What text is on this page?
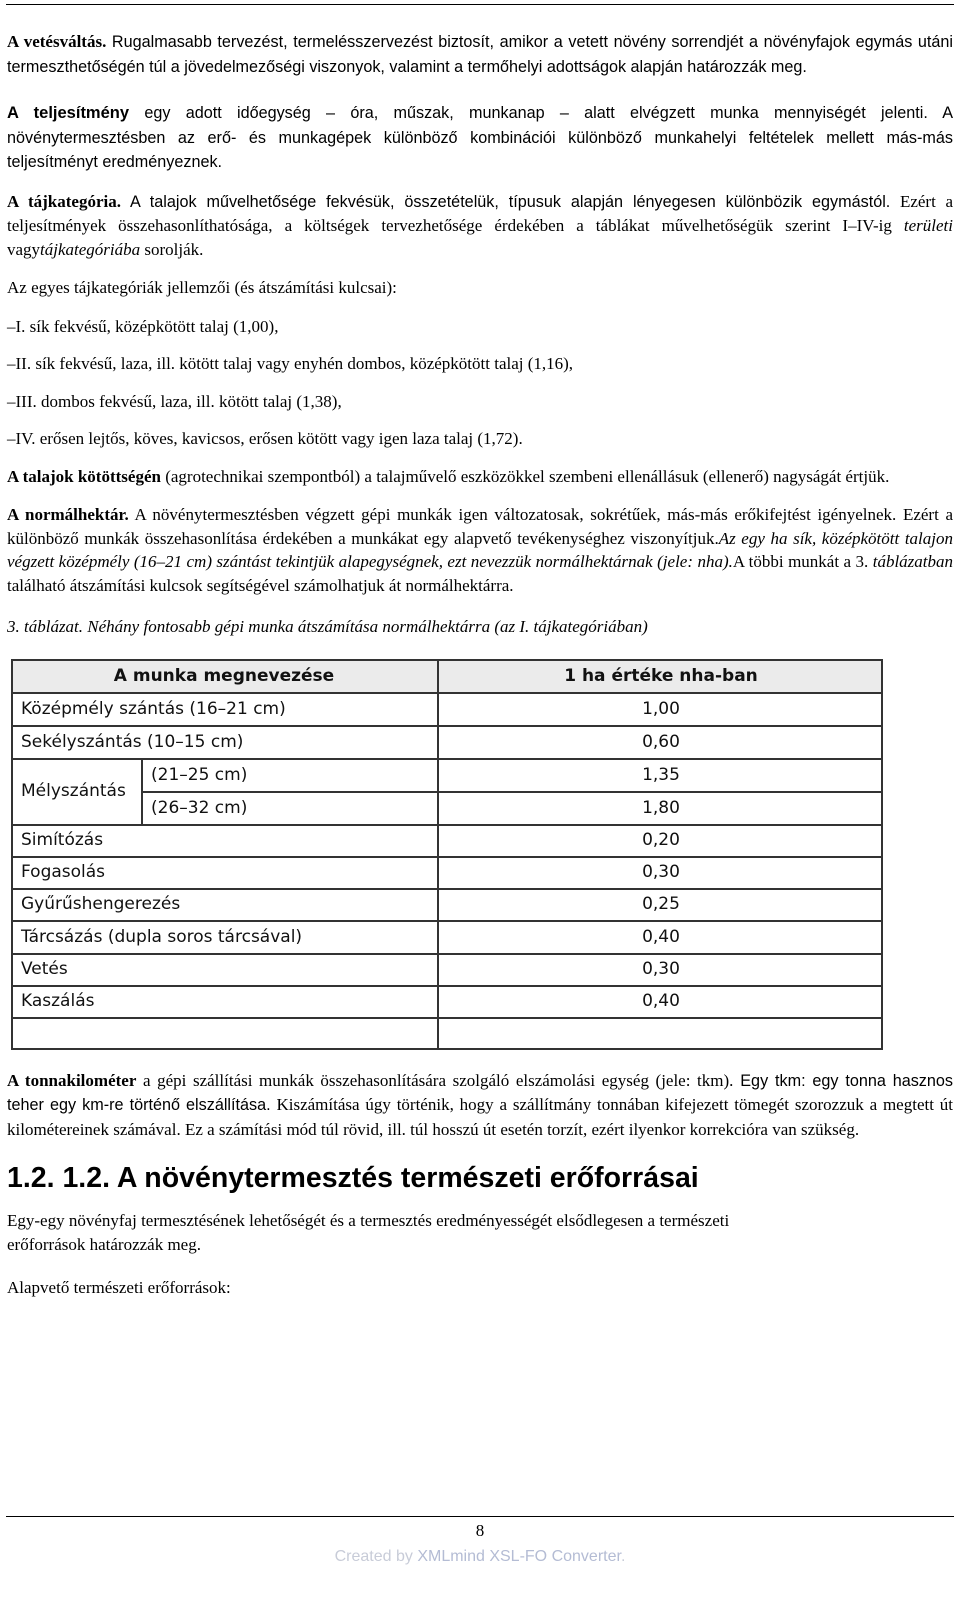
A vetésváltás. Rugalmasabb tervezést, termelésszervezést biztosít, amikor a vetett növény sorrendjét a növényfajok egymás utáni termeszthetőségén túl a jövedelmezőségi viszonyok, valamint a termőhelyi adottságok alapján határozzák meg.

A teljesítmény egy adott időegység – óra, műszak, munkanap – alatt elvégzett munka mennyiségét jelenti. A növénytermesztésben az erő- és munkagépek különböző kombinációi különböző munkahelyi feltételek mellett más-más teljesítményt eredményeznek.

A tájkategória. A talajok művelhetősége fekvésük, összetételük, típusuk alapján lényegesen különbözik egymástól. Ezért a teljesítmények összehasonlíthatósága, a költségek tervezhetősége érdekében a táblákat művelhetőségük szerint I–IV-ig területi vagytájkategóriába sorolják.

Az egyes tájkategóriák jellemzői (és átszámítási kulcsai):

–I. sík fekvésű, középkötött talaj (1,00),

–II. sík fekvésű, laza, ill. kötött talaj vagy enyhén dombos, középkötött talaj (1,16),

–III. dombos fekvésű, laza, ill. kötött talaj (1,38),

–IV. erősen lejtős, köves, kavicsos, erősen kötött vagy igen laza talaj (1,72).

A talajok kötöttségén (agrotechnikai szempontból) a talajművelő eszközökkel szembeni ellenállásuk (ellenerő) nagyságát értjük.

A normálhektár. A növénytermesztésben végzett gépi munkák igen változatosak, sokrétűek, más-más erőkifejtést igényelnek. Ezért a különböző munkák összehasonlítása érdekében a munkákat egy alapvető tevékenységhez viszonyítjuk.Az egy ha sík, középkötött talajon végzett középmély (16–21 cm) szántást tekintjük alapegységnek, ezt nevezzük normálhektárnak (jele: nha).A többi munkát a 3. táblázatban található átszámítási kulcsok segítségével számolhatjuk át normálhektárra.

3. táblázat. Néhány fontosabb gépi munka átszámítása normálhektárra (az I. tájkategóriában)

A munka megnevezése	1 ha értéke nha-ban
Középmély szántás (16–21 cm)	1,00
Sekélyszántás (10–15 cm)	0,60
Mélyszántás
(21–25 cm)	1,35
(26–32 cm)	1,80
Simítózás	0,20
Fogasolás	0,30
Gyűrűshengerezés	0,25
Tárcsázás (dupla soros tárcsával)	0,40
Vetés	0,30
Kaszálás	0,40

A tonnakilométer a gépi szállítási munkák összehasonlítására szolgáló elszámolási egység (jele: tkm). Egy tkm: egy tonna hasznos teher egy km-re történő elszállítása. Kiszámítása úgy történik, hogy a szállítmány tonnában kifejezett tömegét szorozzuk a megtett út kilométereinek számával. Ez a számítási mód túl rövid, ill. túl hosszú út esetén torzít, ezért ilyenkor korrekcióra van szükség.

1.2. 1.2. A növénytermesztés természeti erőforrásai

Egy-egy növényfaj termesztésének lehetőségét és a termesztés eredményességét elsődlegesen a természeti
erőforrások határozzák meg.

Alapvető természeti erőforrások:

8
Created by XMLmind XSL-FO Converter.
